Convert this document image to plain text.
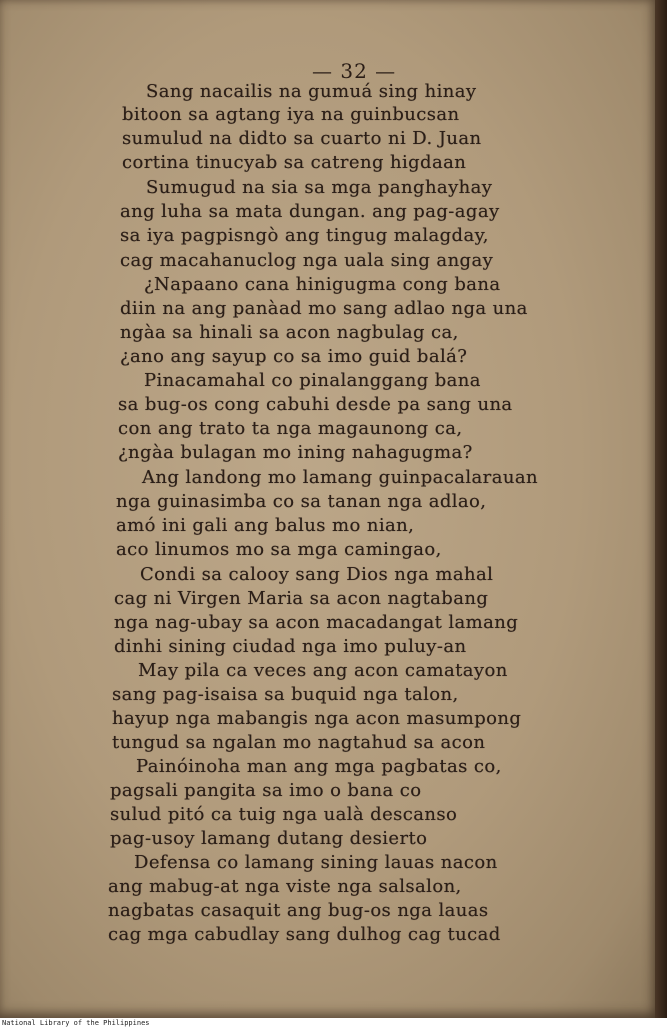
— 32 —
Sang nacailis na gumuá sing hinay
bitoon sa agtang iya na guinbucsan
sumulud na didto sa cuarto ni D. Juan
cortina tinucyab sa catreng higdaan
Sumugud na sia sa mga panghayhay
ang luha sa mata dungan. ang pag-agay
sa iya pagpisngò ang tingug malagday,
cag macahanuclog nga uala sing angay
¿Napaano cana hinigugma cong bana
diin na ang panàad mo sang adlao nga una
ngàa sa hinali sa acon nagbulag ca,
¿ano ang sayup co sa imo guid balá?
Pinacamahal co pinalanggang bana
sa bug-os cong cabuhi desde pa sang una
con ang trato ta nga magaunong ca,
¿ngàa bulagan mo ining nahagugma?
Ang landong mo lamang guinpacalarauan
nga guinasimba co sa tanan nga adlao,
amó ini gali ang balus mo nian,
aco linumos mo sa mga camingao,
Condi sa calooy sang Dios nga mahal
cag ni Virgen Maria sa acon nagtabang
nga nag-ubay sa acon macadangat lamang
dinhi sining ciudad nga imo puluy-an
May pila ca veces ang acon camatayon
sang pag-isaisa sa buquid nga talon,
hayup nga mabangis nga acon masumpong
tungud sa ngalan mo nagtahud sa acon
Painóinoha man ang mga pagbatas co,
pagsali pangita sa imo o bana co
sulud pitó ca tuig nga ualà descanso
pag-usoy lamang dutang desierto
Defensa co lamang sining lauas nacon
ang mabug-at nga viste nga salsalon,
nagbatas casaquit ang bug-os nga lauas
cag mga cabudlay sang dulhog cag tucad
National Library of the Philippines
